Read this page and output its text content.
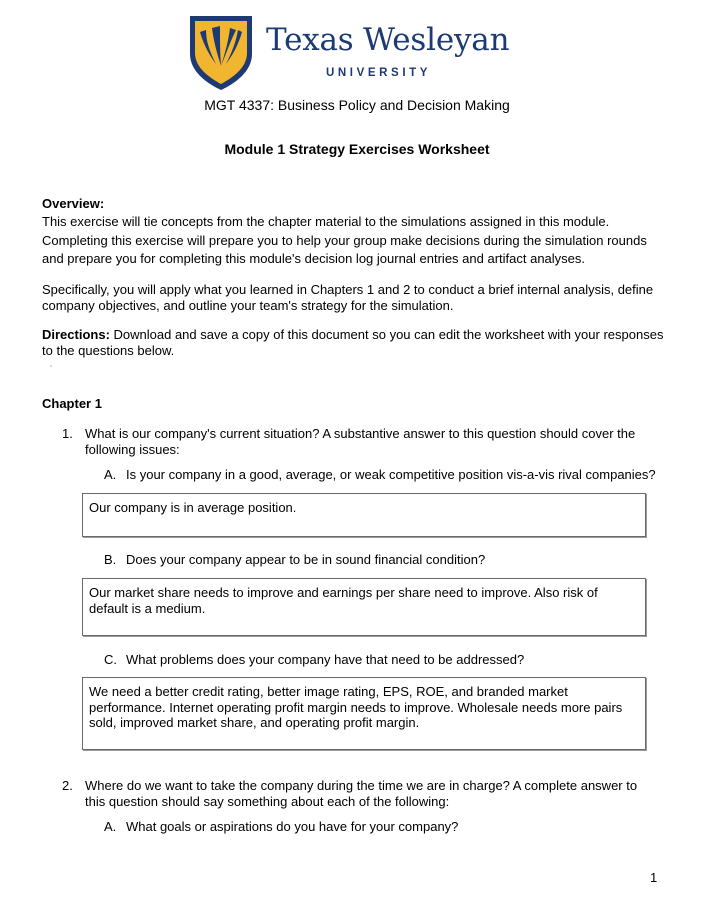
Texas Wesleyan
UNIVERSITY
MGT 4337: Business Policy and Decision Making
Module 1 Strategy Exercises Worksheet
Overview:
This exercise will tie concepts from the chapter material to the simulations assigned in this module. Completing this exercise will prepare you to help your group make decisions during the simulation rounds and prepare you for completing this module's decision log journal entries and artifact analyses.
Specifically, you will apply what you learned in Chapters 1 and 2 to conduct a brief internal analysis, define company objectives, and outline your team's strategy for the simulation.
Directions: Download and save a copy of this document so you can edit the worksheet with your responses to the questions below.
Chapter 1
1. What is our company's current situation? A substantive answer to this question should cover the following issues:
A. Is your company in a good, average, or weak competitive position vis-a-vis rival companies?
Our company is in average position.
B. Does your company appear to be in sound financial condition?
Our market share needs to improve and earnings per share need to improve. Also risk of default is a medium.
C. What problems does your company have that need to be addressed?
We need a better credit rating, better image rating, EPS, ROE, and branded market performance. Internet operating profit margin needs to improve. Wholesale needs more pairs sold, improved market share, and operating profit margin.
2. Where do we want to take the company during the time we are in charge? A complete answer to this question should say something about each of the following:
A. What goals or aspirations do you have for your company?
1
